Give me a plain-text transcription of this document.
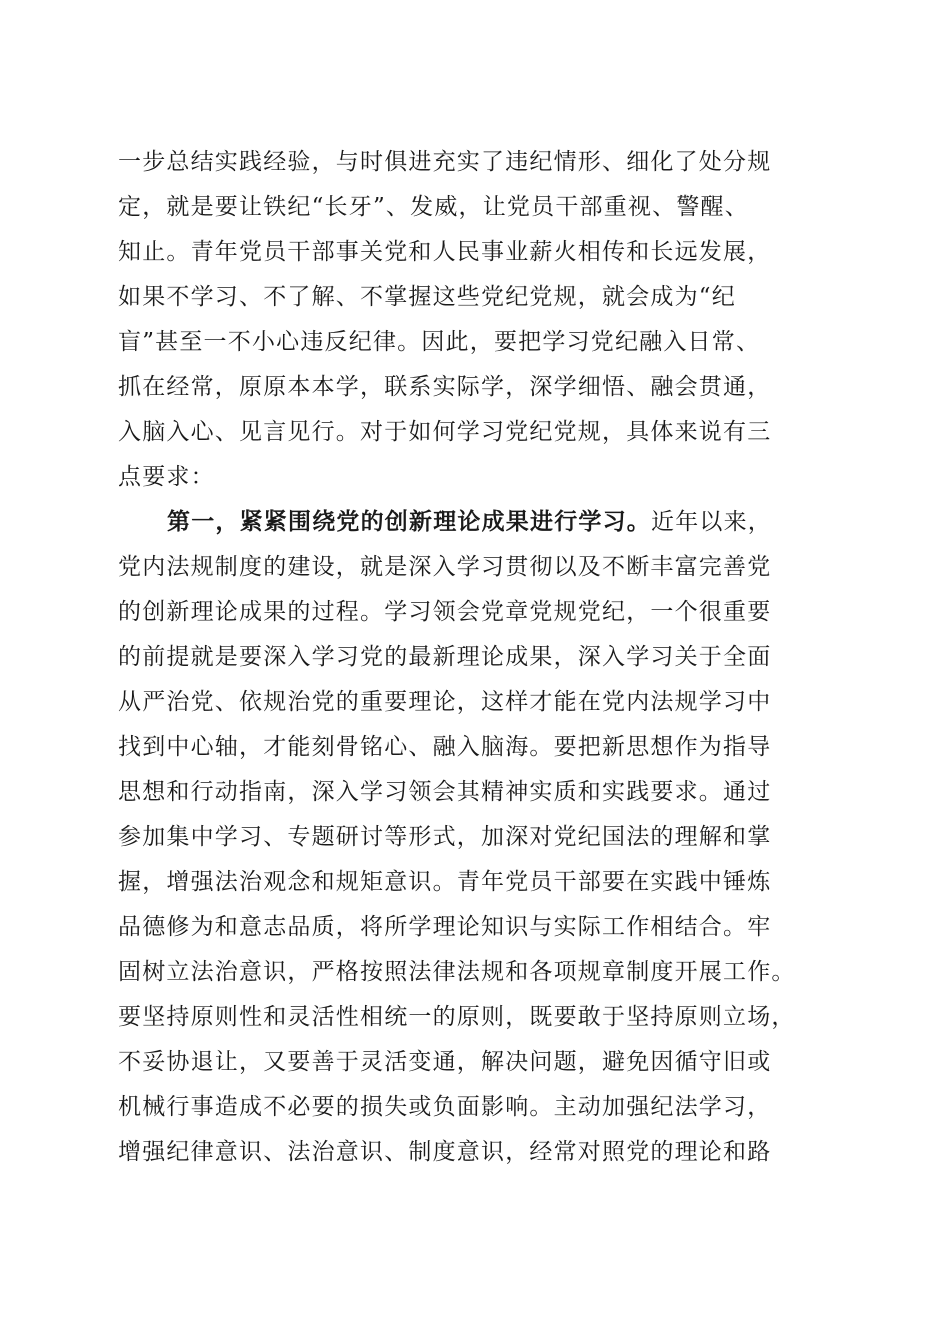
一步总结实践经验，与时俱进充实了违纪情形、细化了处分规
定，就是要让铁纪“长牙”、发威，让党员干部重视、警醒、
知止。青年党员干部事关党和人民事业薪火相传和长远发展，
如果不学习、不了解、不掌握这些党纪党规，就会成为“纪
盲”甚至一不小心违反纪律。因此，要把学习党纪融入日常、
抓在经常，原原本本学，联系实际学，深学细悟、融会贯通，
入脑入心、见言见行。对于如何学习党纪党规，具体来说有三
点要求：
第一，紧紧围绕党的创新理论成果进行学习。近年以来，
党内法规制度的建设，就是深入学习贯彻以及不断丰富完善党
的创新理论成果的过程。学习领会党章党规党纪，一个很重要
的前提就是要深入学习党的最新理论成果，深入学习关于全面
从严治党、依规治党的重要理论，这样才能在党内法规学习中
找到中心轴，才能刻骨铭心、融入脑海。要把新思想作为指导
思想和行动指南，深入学习领会其精神实质和实践要求。通过
参加集中学习、专题研讨等形式，加深对党纪国法的理解和掌
握，增强法治观念和规矩意识。青年党员干部要在实践中锤炼
品德修为和意志品质，将所学理论知识与实际工作相结合。牢
固树立法治意识，严格按照法律法规和各项规章制度开展工作。
要坚持原则性和灵活性相统一的原则，既要敢于坚持原则立场，
不妥协退让，又要善于灵活变通，解决问题，避免因循守旧或
机械行事造成不必要的损失或负面影响。主动加强纪法学习，
增强纪律意识、法治意识、制度意识，经常对照党的理论和路
